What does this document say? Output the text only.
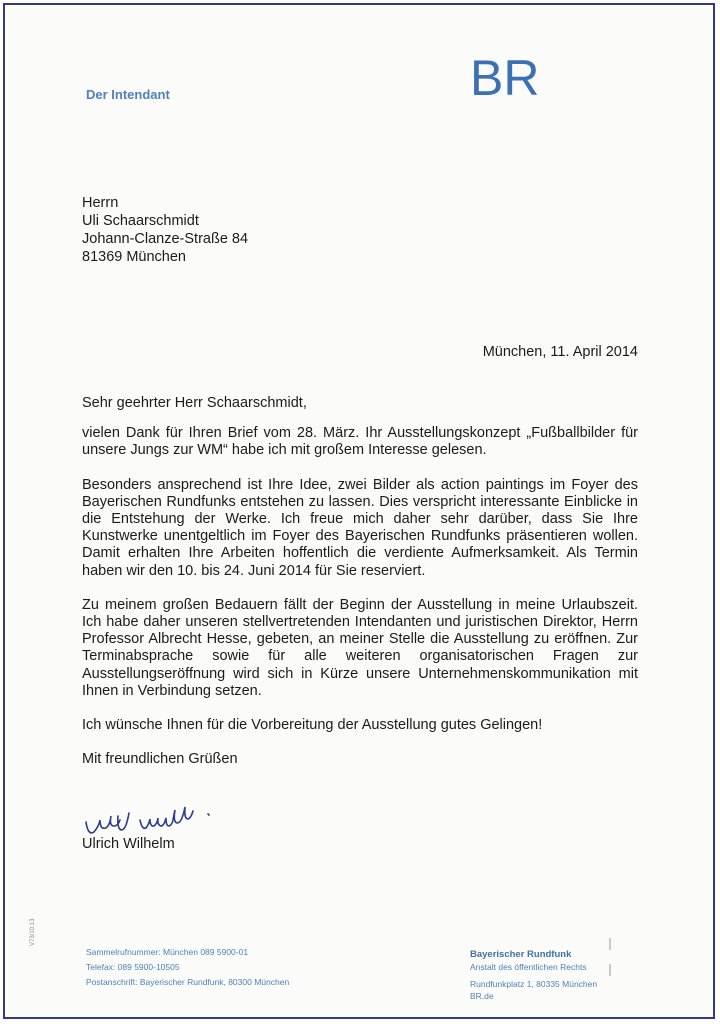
Der Intendant	BR
Herrn
Uli Schaarschmidt
Johann-Clanze-Straße 84
81369 München
München, 11. April 2014

Sehr geehrter Herr Schaarschmidt,

vielen Dank für Ihren Brief vom 28. März. Ihr Ausstellungskonzept „Fußballbilder für unsere Jungs zur WM“ habe ich mit großem Interesse gelesen.

Besonders ansprechend ist Ihre Idee, zwei Bilder als action paintings im Foyer des Bayerischen Rundfunks entstehen zu lassen. Dies verspricht interessante Einblicke in die Entstehung der Werke. Ich freue mich daher sehr darüber, dass Sie Ihre Kunstwerke unentgeltlich im Foyer des Bayerischen Rundfunks präsentieren wollen. Damit erhalten Ihre Arbeiten hoffentlich die verdiente Aufmerksamkeit. Als Termin haben wir den 10. bis 24. Juni 2014 für Sie reserviert.

Zu meinem großen Bedauern fällt der Beginn der Ausstellung in meine Urlaubszeit. Ich habe daher unseren stellvertretenden Intendanten und juristischen Direktor, Herrn Professor Albrecht Hesse, gebeten, an meiner Stelle die Ausstellung zu eröffnen. Zur Terminabsprache sowie für alle weiteren organisatorischen Fragen zur Ausstellungseröffnung wird sich in Kürze unsere Unternehmenskommunikation mit Ihnen in Verbindung setzen.

Ich wünsche Ihnen für die Vorbereitung der Ausstellung gutes Gelingen!

Mit freundlichen Grüßen

Ulrich Wilhelm
V73/10.13
Sammelrufnummer: München 089 5900-01
Telefax: 089 5900-10505
Postanschrift: Bayerischer Rundfunk, 80300 München
Bayerischer Rundfunk
Anstalt des öffentlichen Rechts
Rundfunkplatz 1, 80335 München
BR.de
